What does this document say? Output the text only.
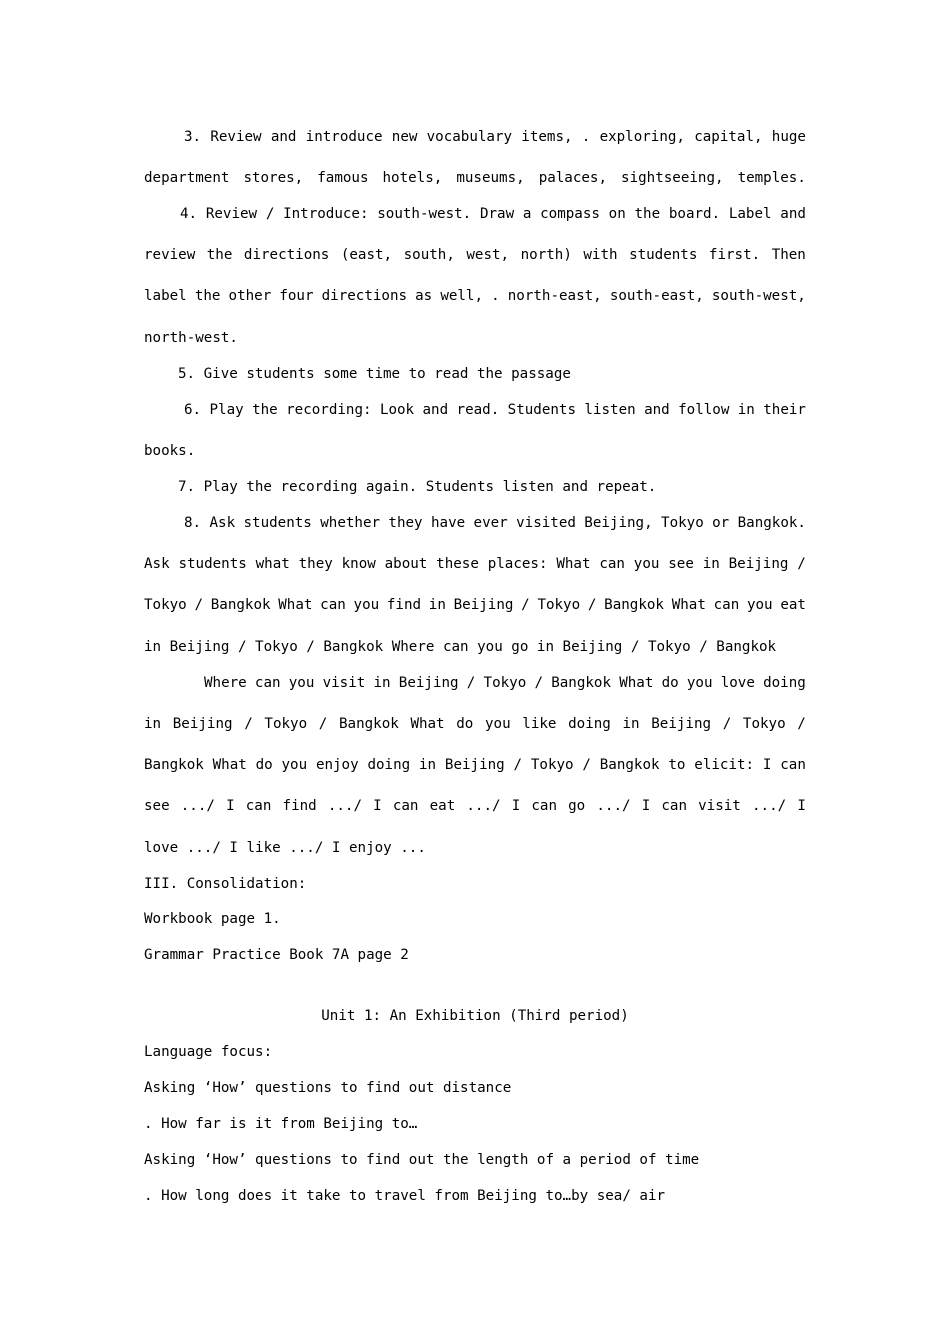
3. Review and introduce new vocabulary items, . exploring, capital, huge
department stores, famous hotels, museums, palaces, sightseeing, temples.
4. Review / Introduce: south-west. Draw a compass on the board. Label and
review the directions (east, south, west, north) with students first. Then
label the other four directions as well, . north-east, south-east, south-west,
north-west.
5. Give students some time to read the passage
6. Play the recording: Look and read. Students listen and follow in their
books.
7. Play the recording again. Students listen and repeat.
8. Ask students whether they have ever visited Beijing, Tokyo or Bangkok.
Ask students what they know about these places: What can you see in Beijing /
Tokyo / Bangkok What can you find in Beijing / Tokyo / Bangkok What can you eat
in Beijing / Tokyo / Bangkok Where can you go in Beijing / Tokyo / Bangkok
Where can you visit in Beijing / Tokyo / Bangkok What do you love doing
in Beijing / Tokyo / Bangkok What do you like doing in Beijing / Tokyo /
Bangkok What do you enjoy doing in Beijing / Tokyo / Bangkok to elicit: I can
see .../ I can find .../ I can eat .../ I can go .../ I can visit .../ I
love .../ I like .../ I enjoy ...
III. Consolidation:
Workbook page 1.
Grammar Practice Book 7A page 2
Unit 1: An Exhibition (Third period)
Language focus:
Asking ‘How’ questions to find out distance
. How far is it from Beijing to…
Asking ‘How’ questions to find out the length of a period of time
. How long does it take to travel from Beijing to…by sea/ air
